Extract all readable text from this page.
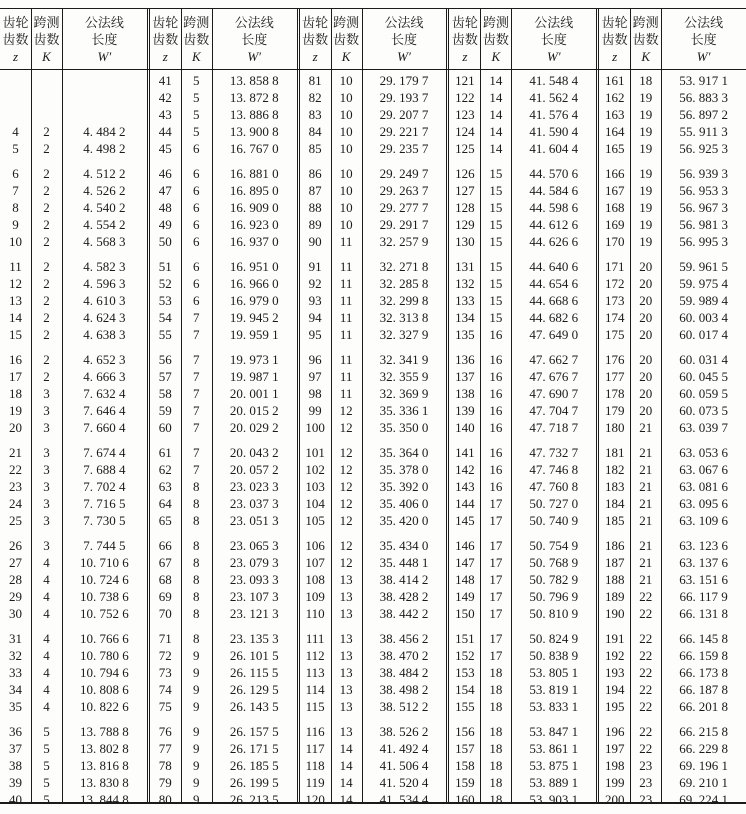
齿轮
齿数
z
跨测
齿数
K
公法线
长度
W′
4	2	4. 484 2
5	2	4. 498 2
6	2	4. 512 2
7	2	4. 526 2
8	2	4. 540 2
9	2	4. 554 2
10	2	4. 568 3
11	2	4. 582 3
12	2	4. 596 3
13	2	4. 610 3
14	2	4. 624 3
15	2	4. 638 3
16	2	4. 652 3
17	2	4. 666 3
18	3	7. 632 4
19	3	7. 646 4
20	3	7. 660 4
21	3	7. 674 4
22	3	7. 688 4
23	3	7. 702 4
24	3	7. 716 5
25	3	7. 730 5
26	3	7. 744 5
27	4	10. 710 6
28	4	10. 724 6
29	4	10. 738 6
30	4	10. 752 6
31	4	10. 766 6
32	4	10. 780 6
33	4	10. 794 6
34	4	10. 808 6
35	4	10. 822 6
36	5	13. 788 8
37	5	13. 802 8
38	5	13. 816 8
39	5	13. 830 8
40	5	13. 844 8
齿轮
齿数
z
跨测
齿数
K
公法线
长度
W′
41	5	13. 858 8
42	5	13. 872 8
43	5	13. 886 8
44	5	13. 900 8
45	6	16. 767 0
46	6	16. 881 0
47	6	16. 895 0
48	6	16. 909 0
49	6	16. 923 0
50	6	16. 937 0
51	6	16. 951 0
52	6	16. 966 0
53	6	16. 979 0
54	7	19. 945 2
55	7	19. 959 1
56	7	19. 973 1
57	7	19. 987 1
58	7	20. 001 1
59	7	20. 015 2
60	7	20. 029 2
61	7	20. 043 2
62	7	20. 057 2
63	8	23. 023 3
64	8	23. 037 3
65	8	23. 051 3
66	8	23. 065 3
67	8	23. 079 3
68	8	23. 093 3
69	8	23. 107 3
70	8	23. 121 3
71	8	23. 135 3
72	9	26. 101 5
73	9	26. 115 5
74	9	26. 129 5
75	9	26. 143 5
76	9	26. 157 5
77	9	26. 171 5
78	9	26. 185 5
79	9	26. 199 5
80	9	26. 213 5
齿轮
齿数
z
跨测
齿数
K
公法线
长度
W′
81	10	29. 179 7
82	10	29. 193 7
83	10	29. 207 7
84	10	29. 221 7
85	10	29. 235 7
86	10	29. 249 7
87	10	29. 263 7
88	10	29. 277 7
89	10	29. 291 7
90	11	32. 257 9
91	11	32. 271 8
92	11	32. 285 8
93	11	32. 299 8
94	11	32. 313 8
95	11	32. 327 9
96	11	32. 341 9
97	11	32. 355 9
98	11	32. 369 9
99	12	35. 336 1
100	12	35. 350 0
101	12	35. 364 0
102	12	35. 378 0
103	12	35. 392 0
104	12	35. 406 0
105	12	35. 420 0
106	12	35. 434 0
107	12	35. 448 1
108	13	38. 414 2
109	13	38. 428 2
110	13	38. 442 2
111	13	38. 456 2
112	13	38. 470 2
113	13	38. 484 2
114	13	38. 498 2
115	13	38. 512 2
116	13	38. 526 2
117	14	41. 492 4
118	14	41. 506 4
119	14	41. 520 4
120	14	41. 534 4
齿轮
齿数
z
跨测
齿数
K
公法线
长度
W′
121	14	41. 548 4
122	14	41. 562 4
123	14	41. 576 4
124	14	41. 590 4
125	14	41. 604 4
126	15	44. 570 6
127	15	44. 584 6
128	15	44. 598 6
129	15	44. 612 6
130	15	44. 626 6
131	15	44. 640 6
132	15	44. 654 6
133	15	44. 668 6
134	15	44. 682 6
135	16	47. 649 0
136	16	47. 662 7
137	16	47. 676 7
138	16	47. 690 7
139	16	47. 704 7
140	16	47. 718 7
141	16	47. 732 7
142	16	47. 746 8
143	16	47. 760 8
144	17	50. 727 0
145	17	50. 740 9
146	17	50. 754 9
147	17	50. 768 9
148	17	50. 782 9
149	17	50. 796 9
150	17	50. 810 9
151	17	50. 824 9
152	17	50. 838 9
153	18	53. 805 1
154	18	53. 819 1
155	18	53. 833 1
156	18	53. 847 1
157	18	53. 861 1
158	18	53. 875 1
159	18	53. 889 1
160	18	53. 903 1
齿轮
齿数
z
跨测
齿数
K
公法线
长度
W′
161	18	53. 917 1
162	19	56. 883 3
163	19	56. 897 2
164	19	55. 911 3
165	19	56. 925 3
166	19	56. 939 3
167	19	56. 953 3
168	19	56. 967 3
169	19	56. 981 3
170	19	56. 995 3
171	20	59. 961 5
172	20	59. 975 4
173	20	59. 989 4
174	20	60. 003 4
175	20	60. 017 4
176	20	60. 031 4
177	20	60. 045 5
178	20	60. 059 5
179	20	60. 073 5
180	21	63. 039 7
181	21	63. 053 6
182	21	63. 067 6
183	21	63. 081 6
184	21	63. 095 6
185	21	63. 109 6
186	21	63. 123 6
187	21	63. 137 6
188	21	63. 151 6
189	22	66. 117 9
190	22	66. 131 8
191	22	66. 145 8
192	22	66. 159 8
193	22	66. 173 8
194	22	66. 187 8
195	22	66. 201 8
196	22	66. 215 8
197	22	66. 229 8
198	23	69. 196 1
199	23	69. 210 1
200	23	69. 224 1
